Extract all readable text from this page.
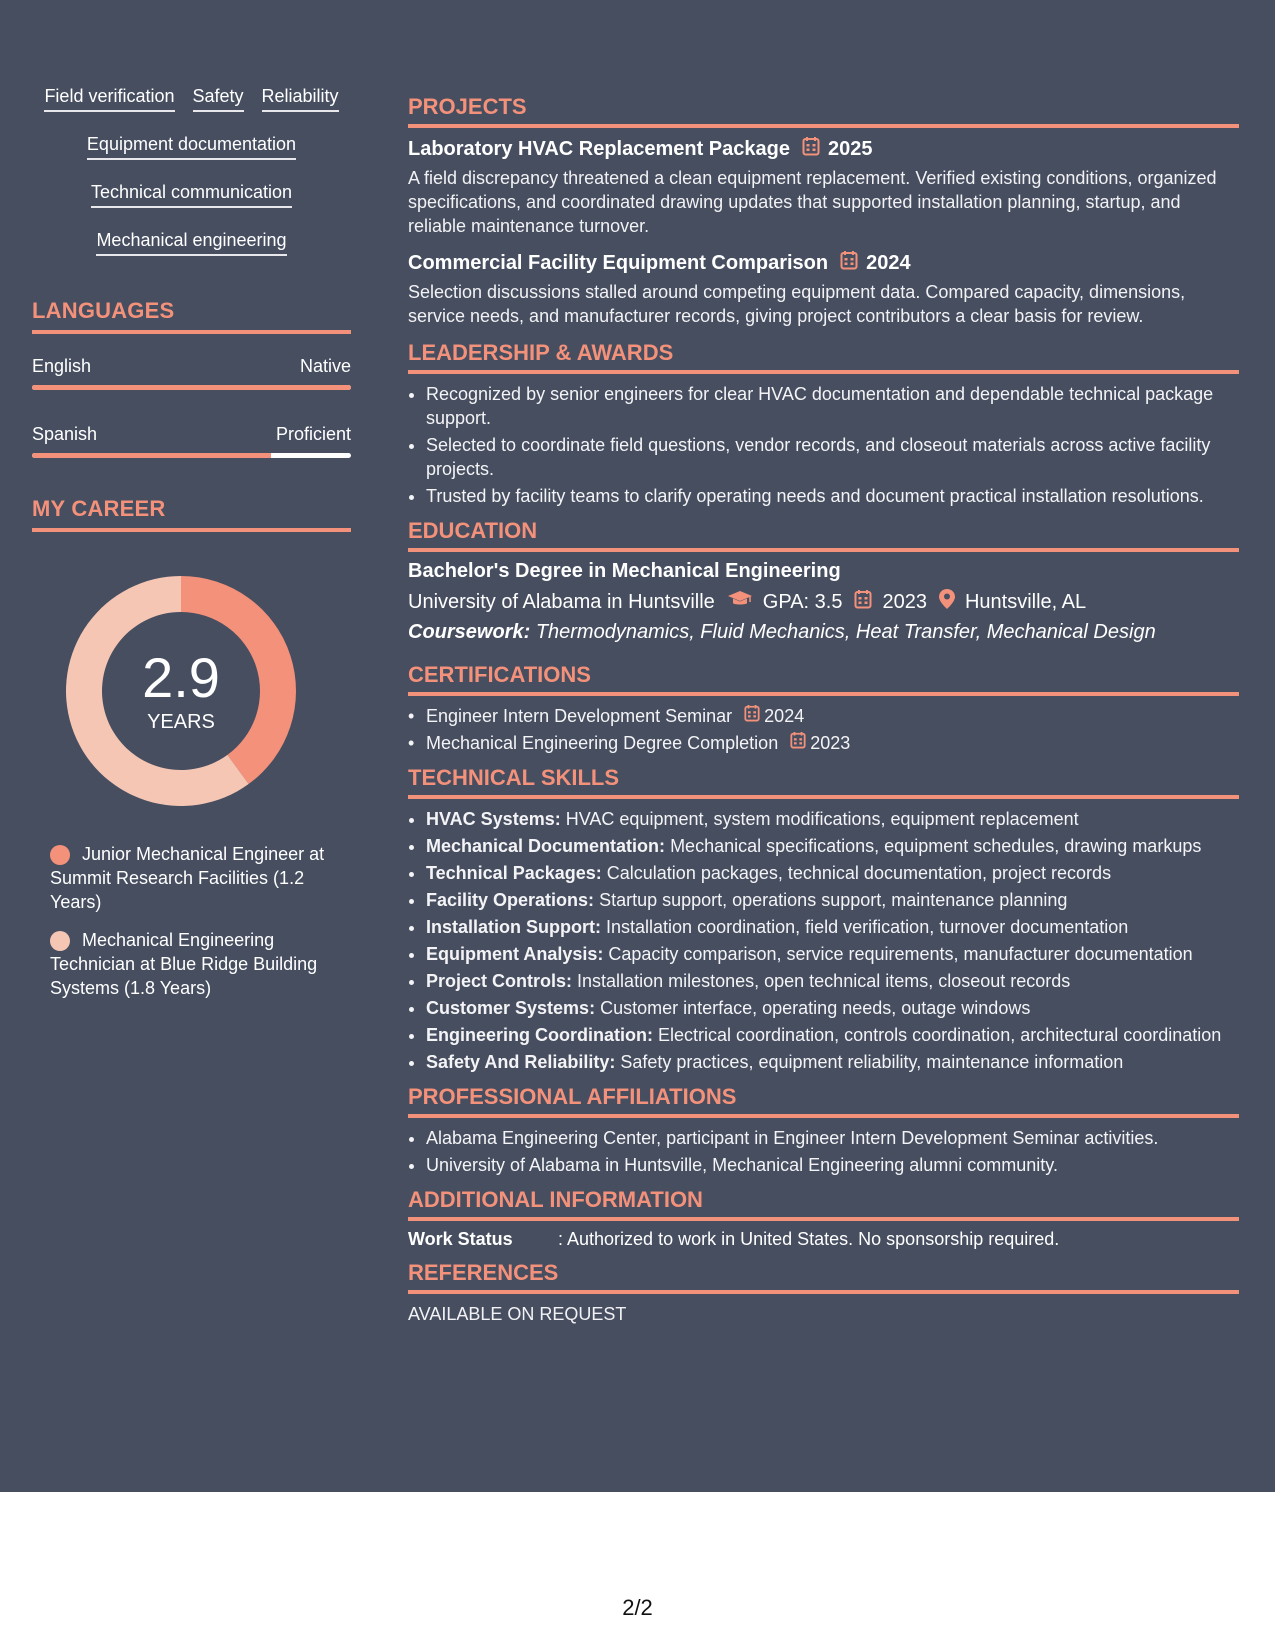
Field verification Safety Reliability
Equipment documentation
Technical communication
Mechanical engineering
LANGUAGES
English	Native
Spanish	Proficient
MY CAREER
2.9
YEARS
Junior Mechanical Engineer at Summit Research Facilities (1.2 Years)
Mechanical Engineering Technician at Blue Ridge Building Systems (1.8 Years)
PROJECTS
Laboratory HVAC Replacement Package 2025
A field discrepancy threatened a clean equipment replacement. Verified existing conditions, organized specifications, and coordinated drawing updates that supported installation planning, startup, and reliable maintenance turnover.
Commercial Facility Equipment Comparison 2024
Selection discussions stalled around competing equipment data. Compared capacity, dimensions, service needs, and manufacturer records, giving project contributors a clear basis for review.
LEADERSHIP & AWARDS
• Recognized by senior engineers for clear HVAC documentation and dependable technical package support.
• Selected to coordinate field questions, vendor records, and closeout materials across active facility projects.
• Trusted by facility teams to clarify operating needs and document practical installation resolutions.
EDUCATION
Bachelor's Degree in Mechanical Engineering
University of Alabama in Huntsville GPA: 3.5 2023 Huntsville, AL
Coursework: Thermodynamics, Fluid Mechanics, Heat Transfer, Mechanical Design
CERTIFICATIONS
• Engineer Intern Development Seminar 2024
• Mechanical Engineering Degree Completion 2023
TECHNICAL SKILLS
• HVAC Systems: HVAC equipment, system modifications, equipment replacement
• Mechanical Documentation: Mechanical specifications, equipment schedules, drawing markups
• Technical Packages: Calculation packages, technical documentation, project records
• Facility Operations: Startup support, operations support, maintenance planning
• Installation Support: Installation coordination, field verification, turnover documentation
• Equipment Analysis: Capacity comparison, service requirements, manufacturer documentation
• Project Controls: Installation milestones, open technical items, closeout records
• Customer Systems: Customer interface, operating needs, outage windows
• Engineering Coordination: Electrical coordination, controls coordination, architectural coordination
• Safety And Reliability: Safety practices, equipment reliability, maintenance information
PROFESSIONAL AFFILIATIONS
• Alabama Engineering Center, participant in Engineer Intern Development Seminar activities.
• University of Alabama in Huntsville, Mechanical Engineering alumni community.
ADDITIONAL INFORMATION
Work Status	: Authorized to work in United States. No sponsorship required.
REFERENCES
AVAILABLE ON REQUEST
2/2
